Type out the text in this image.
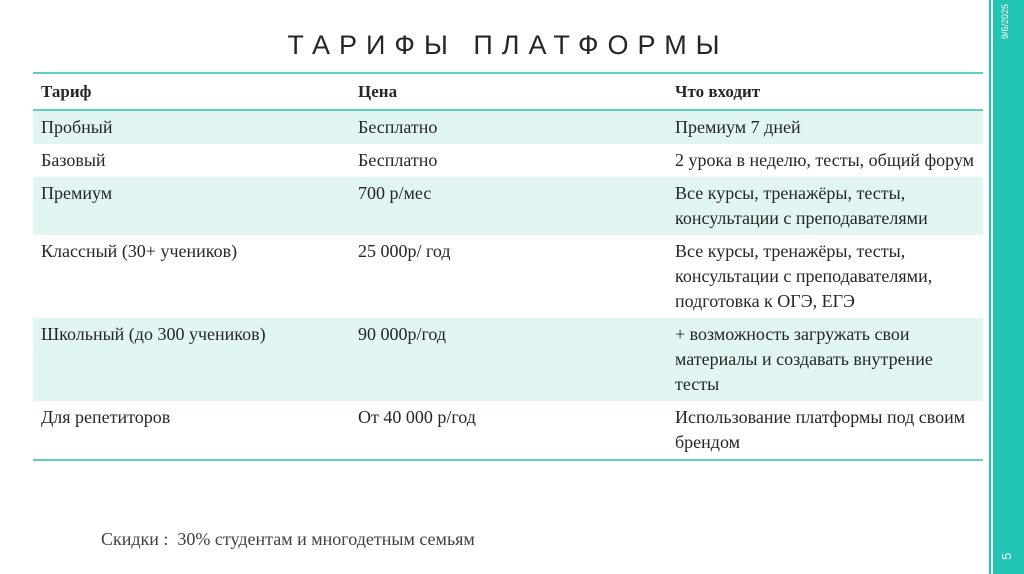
9/6/2025
5
ТАРИФЫ ПЛАТФОРМЫ
Тариф	Цена	Что входит
Пробный	Бесплатно	Премиум 7 дней
Базовый	Бесплатно	2 урока в неделю, тесты, общий форум
Премиум	700 р/мес	Все курсы, тренажёры, тесты, консультации с преподавателями
Классный (30+ учеников)	25 000р/ год	Все курсы, тренажёры, тесты, консультации с преподавателями, подготовка к ОГЭ, ЕГЭ
Школьный (до 300 учеников)	90 000р/год	+ возможность загружать свои материалы и создавать внутрение тесты
Для репетиторов	От 40 000 р/год	Использование платформы под своим брендом
Скидки :  30% студентам и многодетным семьям
